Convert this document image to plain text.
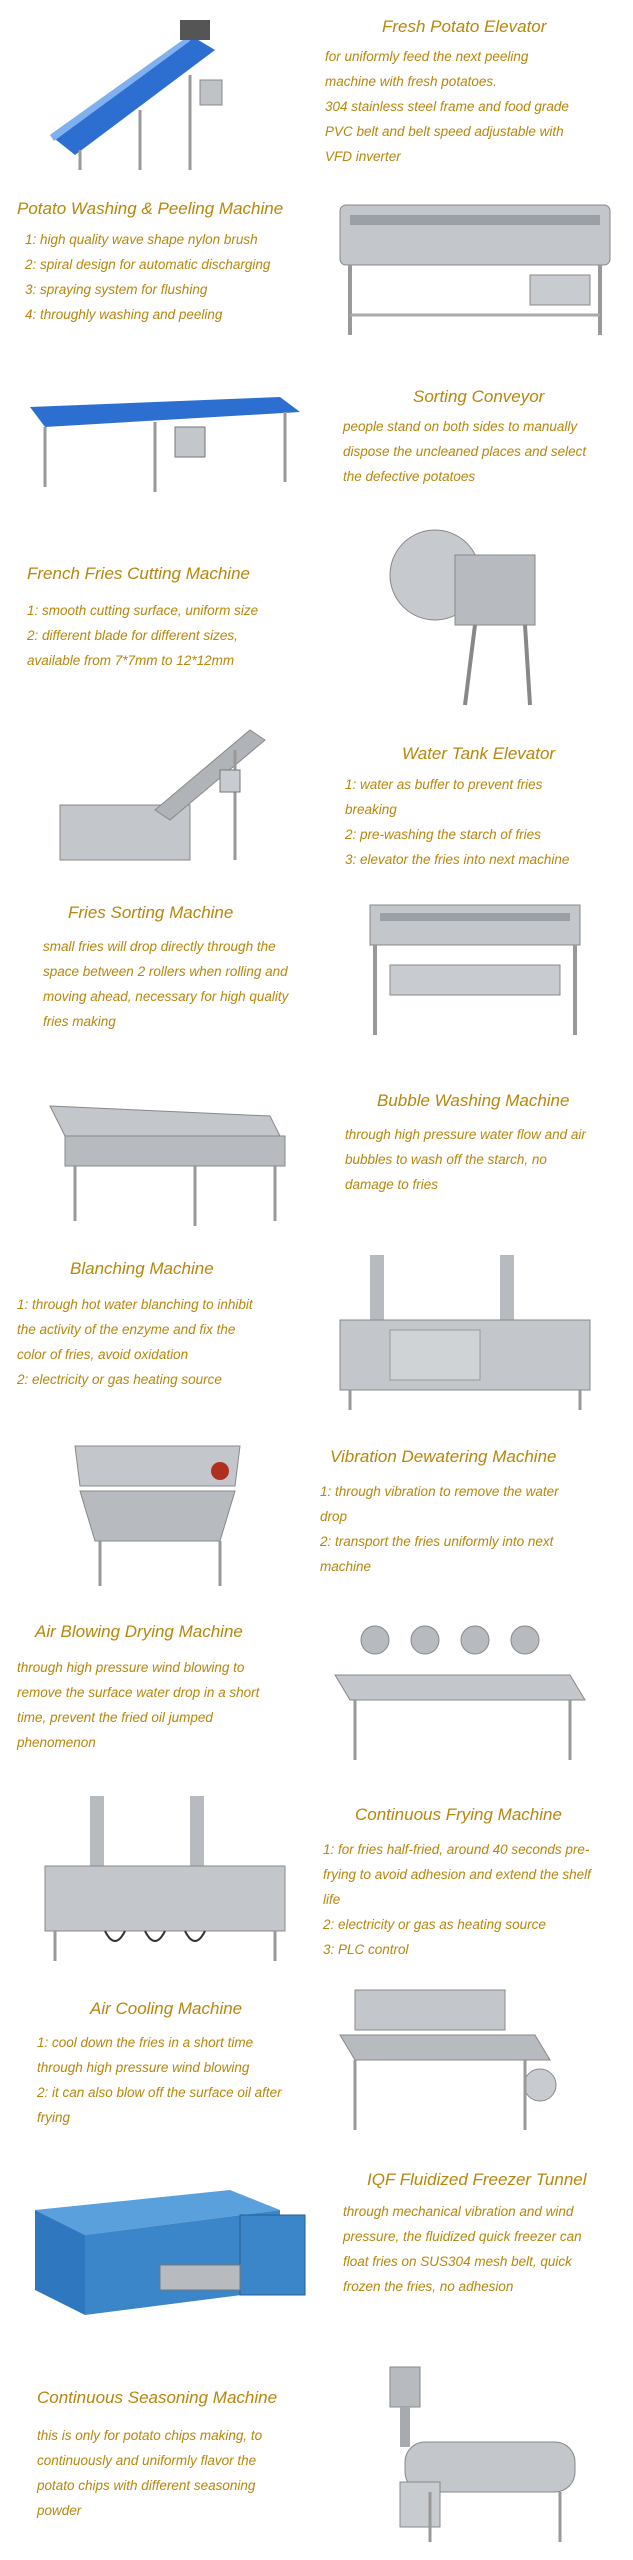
Fresh Potato Elevator
for uniformly feed the next peeling
machine with fresh potatoes.
304 stainless steel frame and food grade
PVC belt and belt speed adjustable with
VFD inverter
Potato Washing & Peeling Machine
1: high quality wave shape nylon brush
2: spiral design for automatic discharging
3: spraying system for flushing
4: throughly washing and peeling
Sorting Conveyor
people stand on both sides to manually
dispose the uncleaned places and select
the defective potatoes
French Fries Cutting Machine
1: smooth cutting surface, uniform size
2: different blade for different sizes,
available from 7*7mm to 12*12mm
Water Tank Elevator
1: water as buffer to prevent fries
breaking
2: pre-washing the starch of fries
3: elevator the fries into next machine
Fries Sorting Machine
small fries will drop directly through the
space between 2 rollers when rolling and
moving ahead, necessary for high quality
fries making
Bubble Washing Machine
through high pressure water flow and air
bubbles to wash off the starch, no
damage to fries
Blanching Machine
1: through hot water blanching to inhibit
the activity of the enzyme and fix the
color of fries, avoid oxidation
2: electricity or gas heating source
Vibration Dewatering Machine
1: through vibration to remove the water
drop
2: transport the fries uniformly into next
machine
Air Blowing Drying Machine
through high pressure wind blowing to
remove the surface water drop in a short
time, prevent the fried oil jumped
phenomenon
Continuous Frying Machine
1: for fries half-fried, around 40 seconds pre-
frying to avoid adhesion and extend the shelf
life
2: electricity or gas as heating source
3: PLC control
Air Cooling Machine
1: cool down the fries in a short time
through high pressure wind blowing
2: it can also blow off the surface oil after
frying
IQF Fluidized Freezer Tunnel
through mechanical vibration and wind
pressure, the fluidized quick freezer can
float fries on SUS304 mesh belt, quick
frozen the fries, no adhesion
Continuous Seasoning Machine
this is only for potato chips making, to
continuously and uniformly flavor the
potato chips with different seasoning
powder
